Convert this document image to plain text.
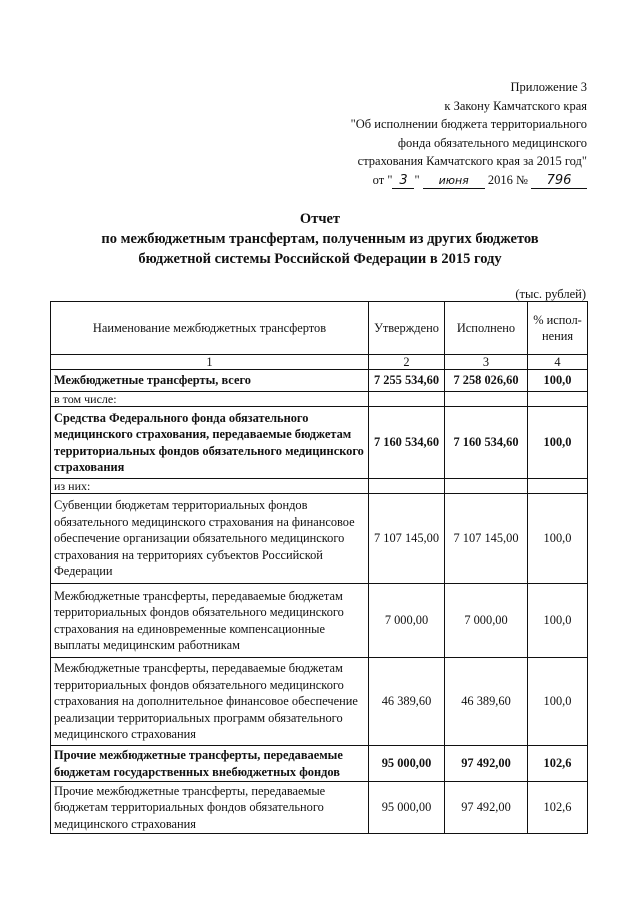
Приложение 3
к Закону Камчатского края
"Об исполнении бюджета территориального
фонда обязательного медицинского
страхования Камчатского края за 2015 год"
от " 3 " июня 2016 № 796
Отчет
по межбюджетным трансфертам, полученным из других бюджетов
бюджетной системы Российской Федерации в 2015 году
(тыс. рублей)
Наименование межбюджетных трансфертов	Утверждено	Исполнено	% испол-нения
1	2	3	4
Межбюджетные трансферты, всего	7 255 534,60	7 258 026,60	100,0
в том числе:			
Средства Федерального фонда обязательного медицинского страхования, передаваемые бюджетам территориальных фондов обязательного медицинского страхования	7 160 534,60	7 160 534,60	100,0
из них:			
Субвенции бюджетам территориальных фондов обязательного медицинского страхования на финансовое обеспечение организации обязательного медицинского страхования на территориях субъектов Российской Федерации	7 107 145,00	7 107 145,00	100,0
Межбюджетные трансферты, передаваемые бюджетам территориальных фондов обязательного медицинского страхования на единовременные компенсационные выплаты медицинским работникам	7 000,00	7 000,00	100,0
Межбюджетные трансферты, передаваемые бюджетам территориальных фондов обязательного медицинского страхования на дополнительное финансовое обеспечение реализации территориальных программ обязательного медицинского страхования	46 389,60	46 389,60	100,0
Прочие межбюджетные трансферты, передаваемые бюджетам государственных внебюджетных фондов	95 000,00	97 492,00	102,6
Прочие межбюджетные трансферты, передаваемые бюджетам территориальных фондов обязательного медицинского страхования	95 000,00	97 492,00	102,6
